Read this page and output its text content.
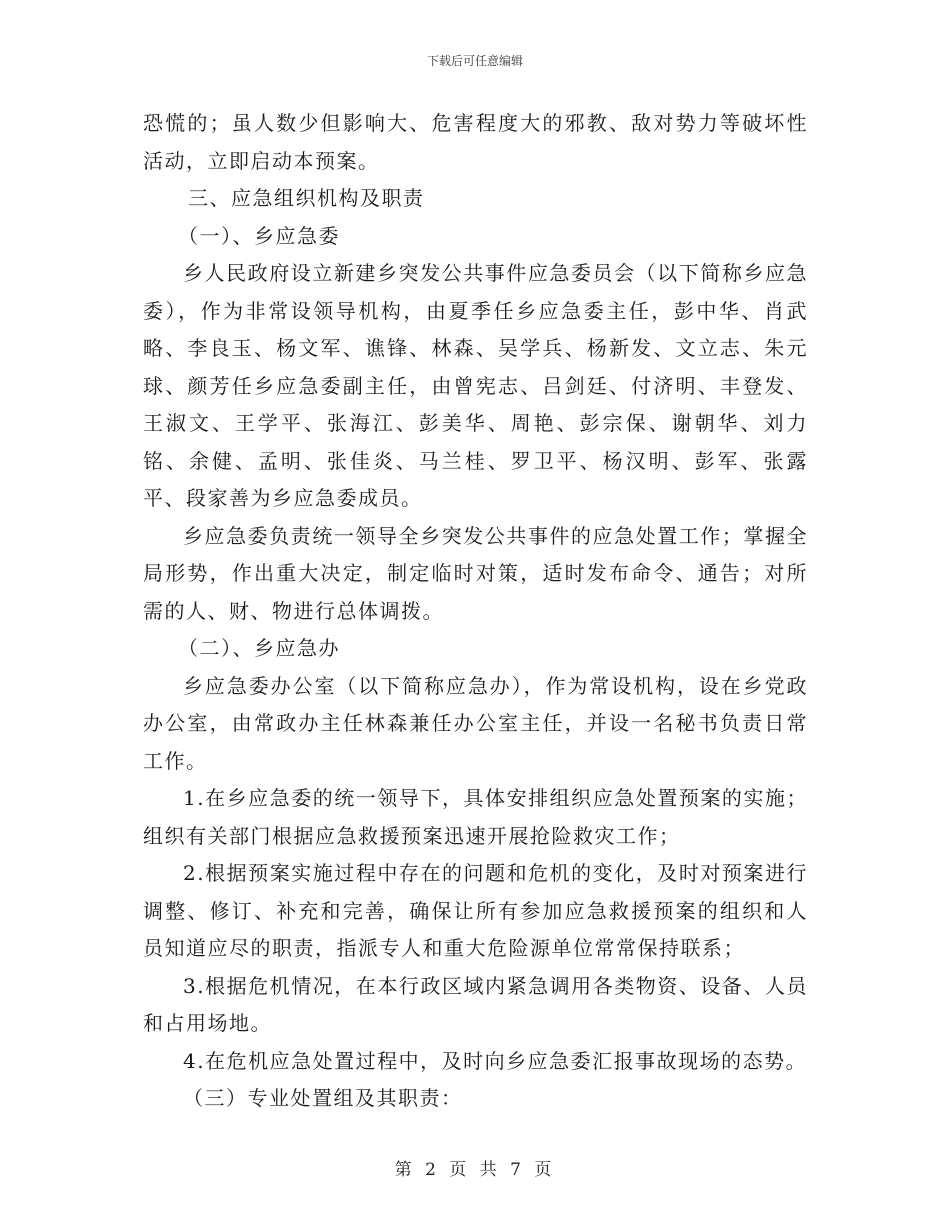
下载后可任意编辑

恐慌的；虽人数少但影响大、危害程度大的邪教、敌对势力等破坏性活动，立即启动本预案。

三、应急组织机构及职责

（一）、乡应急委

乡人民政府设立新建乡突发公共事件应急委员会（以下简称乡应急委），作为非常设领导机构，由夏季任乡应急委主任，彭中华、肖武略、李良玉、杨文军、谯锋、林森、吴学兵、杨新发、文立志、朱元球、颜芳任乡应急委副主任，由曾宪志、吕剑廷、付济明、丰登发、王淑文、王学平、张海江、彭美华、周艳、彭宗保、谢朝华、刘力铭、余健、孟明、张佳炎、马兰桂、罗卫平、杨汉明、彭军、张露平、段家善为乡应急委成员。

乡应急委负责统一领导全乡突发公共事件的应急处置工作；掌握全局形势，作出重大决定，制定临时对策，适时发布命令、通告；对所需的人、财、物进行总体调拨。

（二）、乡应急办

乡应急委办公室（以下简称应急办），作为常设机构，设在乡党政办公室，由常政办主任林森兼任办公室主任，并设一名秘书负责日常工作。

1.在乡应急委的统一领导下，具体安排组织应急处置预案的实施；组织有关部门根据应急救援预案迅速开展抢险救灾工作；

2.根据预案实施过程中存在的问题和危机的变化，及时对预案进行调整、修订、补充和完善，确保让所有参加应急救援预案的组织和人员知道应尽的职责，指派专人和重大危险源单位常常保持联系；

3.根据危机情况，在本行政区域内紧急调用各类物资、设备、人员和占用场地。

4.在危机应急处置过程中，及时向乡应急委汇报事故现场的态势。

（三）专业处置组及其职责：

第 2 页 共 7 页
